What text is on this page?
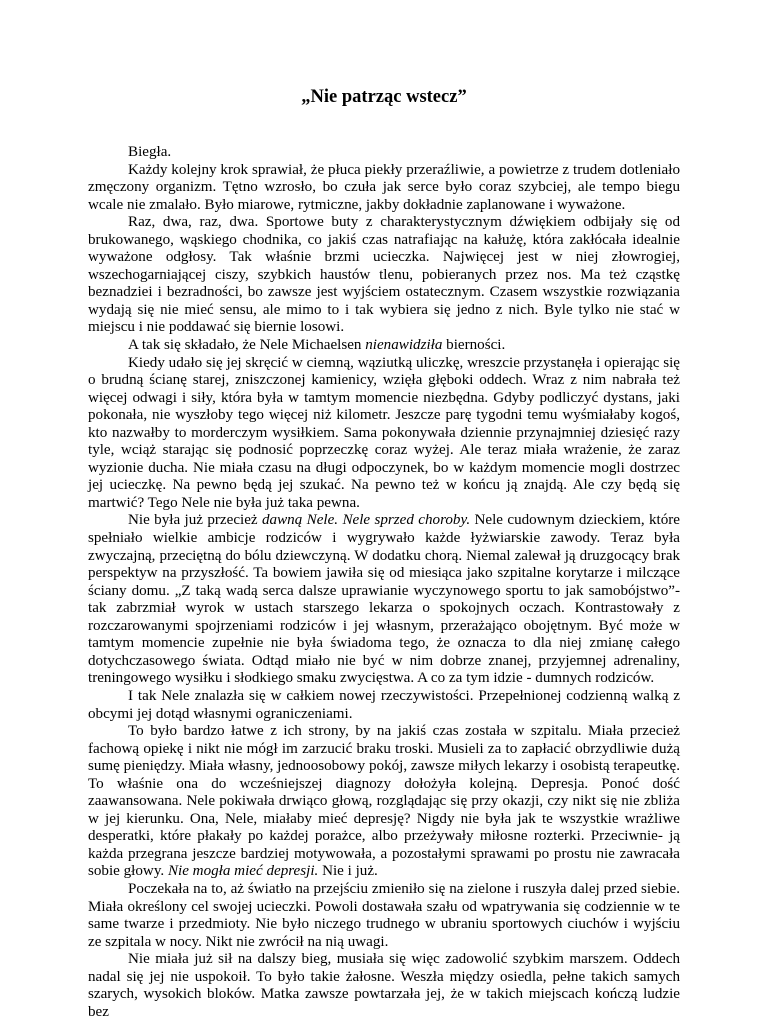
„Nie patrząc wstecz”

Biegła.

Każdy kolejny krok sprawiał, że płuca piekły przeraźliwie, a powietrze z trudem dotleniało zmęczony organizm. Tętno wzrosło, bo czuła jak serce było coraz szybciej, ale tempo biegu wcale nie zmalało. Było miarowe, rytmiczne, jakby dokładnie zaplanowane i wyważone.

Raz, dwa, raz, dwa. Sportowe buty z charakterystycznym dźwiękiem odbijały się od brukowanego, wąskiego chodnika, co jakiś czas natrafiając na kałużę, która zakłócała idealnie wyważone odgłosy. Tak właśnie brzmi ucieczka. Najwięcej jest w niej złowrogiej, wszechogarniającej ciszy, szybkich haustów tlenu, pobieranych przez nos. Ma też cząstkę beznadziei i bezradności, bo zawsze jest wyjściem ostatecznym. Czasem wszystkie rozwiązania wydają się nie mieć sensu, ale mimo to i tak wybiera się jedno z nich. Byle tylko nie stać w miejscu i nie poddawać się biernie losowi.

A tak się składało, że Nele Michaelsen nienawidziła bierności.

Kiedy udało się jej skręcić w ciemną, wąziutką uliczkę, wreszcie przystanęła i opierając się o brudną ścianę starej, zniszczonej kamienicy, wzięła głęboki oddech. Wraz z nim nabrała też więcej odwagi i siły, która była w tamtym momencie niezbędna. Gdyby podliczyć dystans, jaki pokonała, nie wyszłoby tego więcej niż kilometr. Jeszcze parę tygodni temu wyśmiałaby kogoś, kto nazwałby to morderczym wysiłkiem. Sama pokonywała dziennie przynajmniej dziesięć razy tyle, wciąż starając się podnosić poprzeczkę coraz wyżej. Ale teraz miała wrażenie, że zaraz wyzionie ducha. Nie miała czasu na długi odpoczynek, bo w każdym momencie mogli dostrzec jej ucieczkę. Na pewno będą jej szukać. Na pewno też w końcu ją znajdą. Ale czy będą się martwić? Tego Nele nie była już taka pewna.

Nie była już przecież dawną Nele. Nele sprzed choroby. Nele cudownym dzieckiem, które spełniało wielkie ambicje rodziców i wygrywało każde łyżwiarskie zawody. Teraz była zwyczajną, przeciętną do bólu dziewczyną. W dodatku chorą. Niemal zalewał ją druzgocący brak perspektyw na przyszłość. Ta bowiem jawiła się od miesiąca jako szpitalne korytarze i milczące ściany domu. „Z taką wadą serca dalsze uprawianie wyczynowego sportu to jak samobójstwo”- tak zabrzmiał wyrok w ustach starszego lekarza o spokojnych oczach. Kontrastowały z rozczarowanymi spojrzeniami rodziców i jej własnym, przerażająco obojętnym. Być może w tamtym momencie zupełnie nie była świadoma tego, że oznacza to dla niej zmianę całego dotychczasowego świata. Odtąd miało nie być w nim dobrze znanej, przyjemnej adrenaliny, treningowego wysiłku i słodkiego smaku zwycięstwa. A co za tym idzie - dumnych rodziców.

I tak Nele znalazła się w całkiem nowej rzeczywistości. Przepełnionej codzienną walką z obcymi jej dotąd własnymi ograniczeniami.

To było bardzo łatwe z ich strony, by na jakiś czas została w szpitalu. Miała przecież fachową opiekę i nikt nie mógł im zarzucić braku troski. Musieli za to zapłacić obrzydliwie dużą sumę pieniędzy. Miała własny, jednoosobowy pokój, zawsze miłych lekarzy i osobistą terapeutkę. To właśnie ona do wcześniejszej diagnozy dołożyła kolejną. Depresja. Ponoć dość zaawansowana. Nele pokiwała drwiąco głową, rozglądając się przy okazji, czy nikt się nie zbliża w jej kierunku. Ona, Nele, miałaby mieć depresję? Nigdy nie była jak te wszystkie wrażliwe desperatki, które płakały po każdej porażce, albo przeżywały miłosne rozterki. Przeciwnie- ją każda przegrana jeszcze bardziej motywowała, a pozostałymi sprawami po prostu nie zawracała sobie głowy. Nie mogła mieć depresji. Nie i już.

Poczekała na to, aż światło na przejściu zmieniło się na zielone i ruszyła dalej przed siebie. Miała określony cel swojej ucieczki. Powoli dostawała szału od wpatrywania się codziennie w te same twarze i przedmioty. Nie było niczego trudnego w ubraniu sportowych ciuchów i wyjściu ze szpitala w nocy. Nikt nie zwrócił na nią uwagi.

Nie miała już sił na dalszy bieg, musiała się więc zadowolić szybkim marszem. Oddech nadal się jej nie uspokoił. To było takie żałosne. Weszła między osiedla, pełne takich samych szarych, wysokich bloków. Matka zawsze powtarzała jej, że w takich miejscach kończą ludzie bez
